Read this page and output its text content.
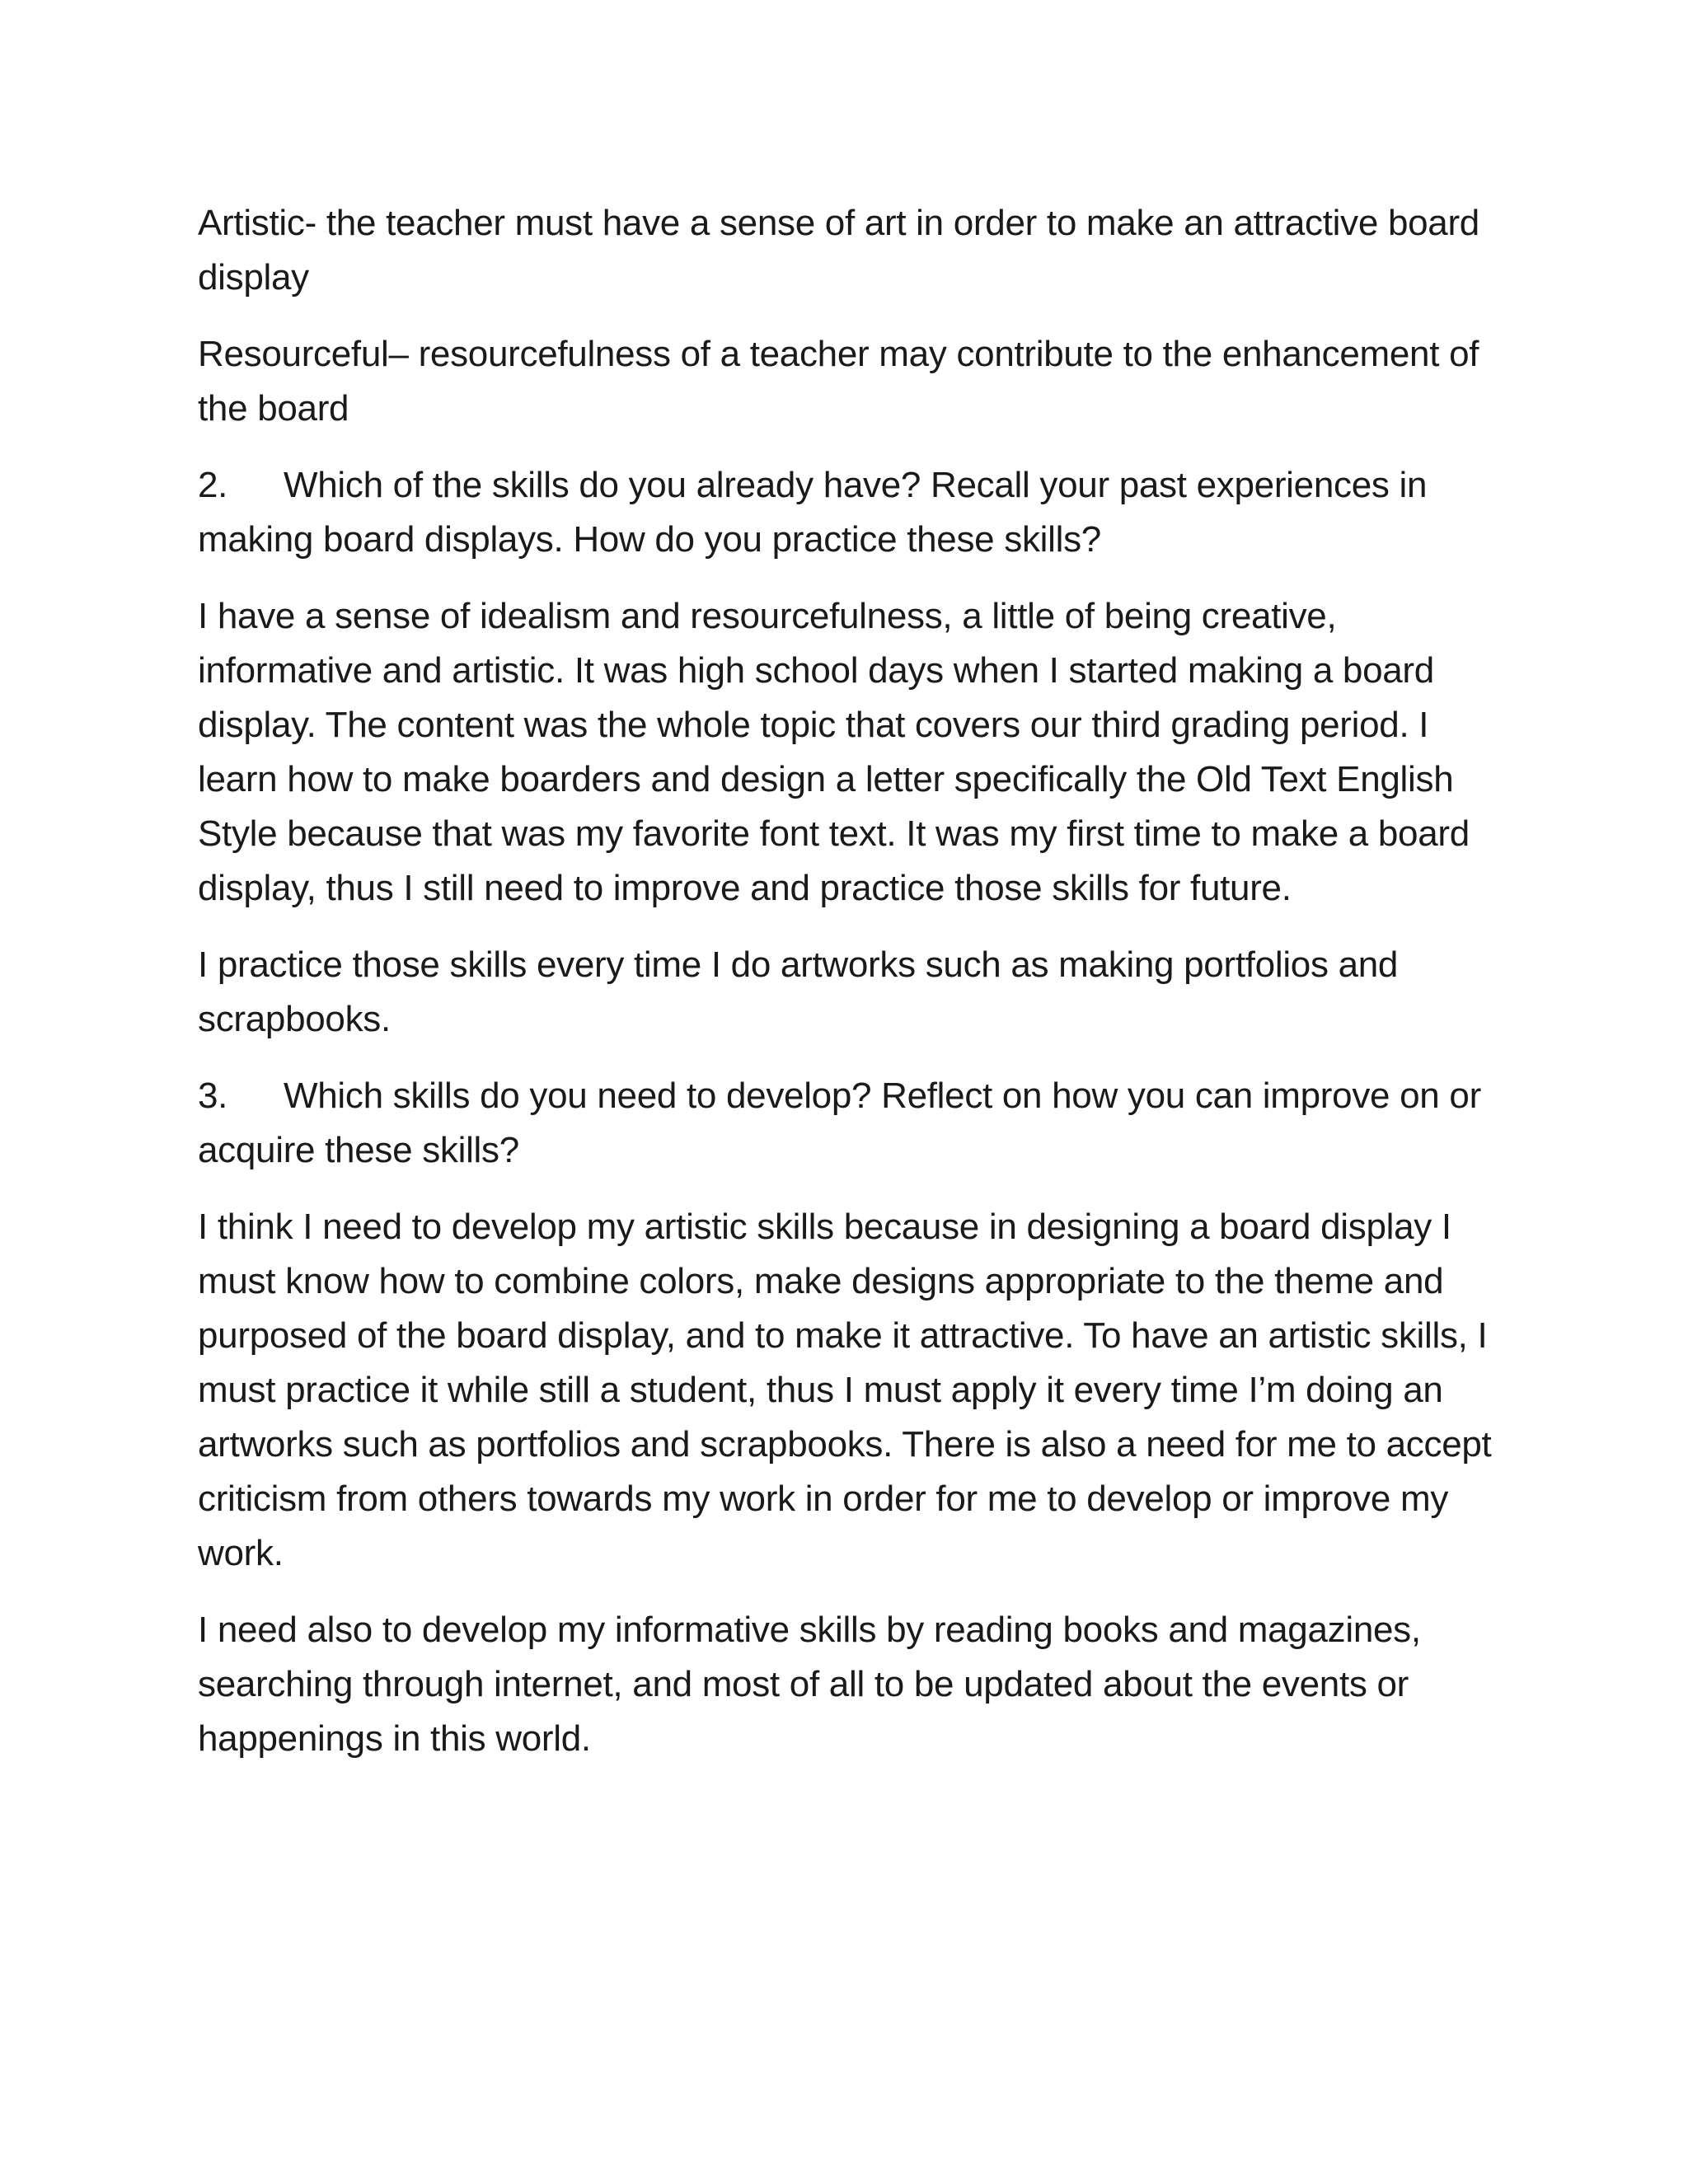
Artistic- the teacher must have a sense of art in order to make an attractive board display

Resourceful– resourcefulness of a teacher may contribute to the enhancement of the board

2. Which of the skills do you already have? Recall your past experiences in making board displays. How do you practice these skills?

I have a sense of idealism and resourcefulness, a little of being creative, informative and artistic. It was high school days when I started making a board display. The content was the whole topic that covers our third grading period. I learn how to make boarders and design a letter specifically the Old Text English Style because that was my favorite font text. It was my first time to make a board display, thus I still need to improve and practice those skills for future.

I practice those skills every time I do artworks such as making portfolios and scrapbooks.

3. Which skills do you need to develop? Reflect on how you can improve on or acquire these skills?

I think I need to develop my artistic skills because in designing a board display I must know how to combine colors, make designs appropriate to the theme and purposed of the board display, and to make it attractive. To have an artistic skills, I must practice it while still a student, thus I must apply it every time I’m doing an artworks such as portfolios and scrapbooks. There is also a need for me to accept criticism from others towards my work in order for me to develop or improve my work.

I need also to develop my informative skills by reading books and magazines, searching through internet, and most of all to be updated about the events or happenings in this world.
